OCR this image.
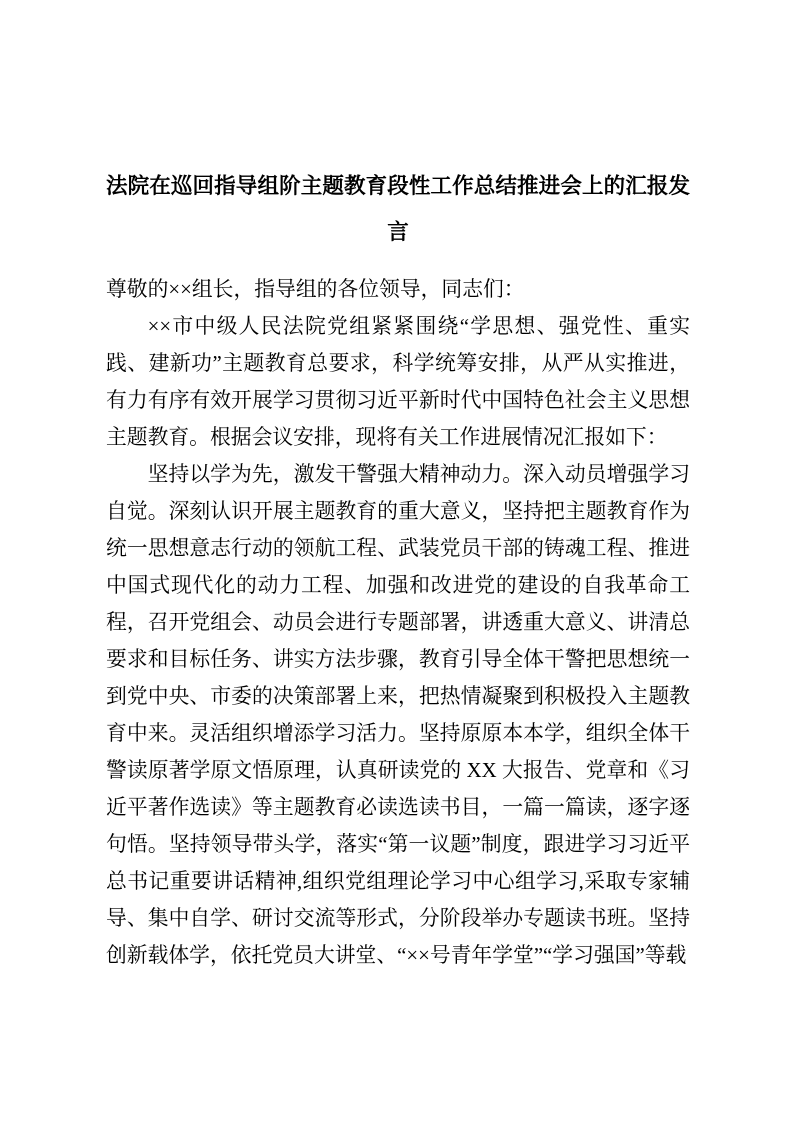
法院在巡回指导组阶主题教育段性工作总结推进会上的汇报发
言

尊敬的××组长，指导组的各位领导，同志们：

××市中级人民法院党组紧紧围绕“学思想、强党性、重实践、建新功”主题教育总要求，科学统筹安排，从严从实推进，有力有序有效开展学习贯彻习近平新时代中国特色社会主义思想主题教育。根据会议安排，现将有关工作进展情况汇报如下：

坚持以学为先，激发干警强大精神动力。深入动员增强学习自觉。深刻认识开展主题教育的重大意义，坚持把主题教育作为统一思想意志行动的领航工程、武装党员干部的铸魂工程、推进中国式现代化的动力工程、加强和改进党的建设的自我革命工程，召开党组会、动员会进行专题部署，讲透重大意义、讲清总要求和目标任务、讲实方法步骤，教育引导全体干警把思想统一到党中央、市委的决策部署上来，把热情凝聚到积极投入主题教育中来。灵活组织增添学习活力。坚持原原本本学，组织全体干警读原著学原文悟原理，认真研读党的 XX 大报告、党章和《习近平著作选读》等主题教育必读选读书目，一篇一篇读，逐字逐句悟。坚持领导带头学，落实“第一议题”制度，跟进学习习近平总书记重要讲话精神,组织党组理论学习中心组学习,采取专家辅导、集中自学、研讨交流等形式，分阶段举办专题读书班。坚持创新载体学，依托党员大讲堂、“××号青年学堂”“学习强国”等载
